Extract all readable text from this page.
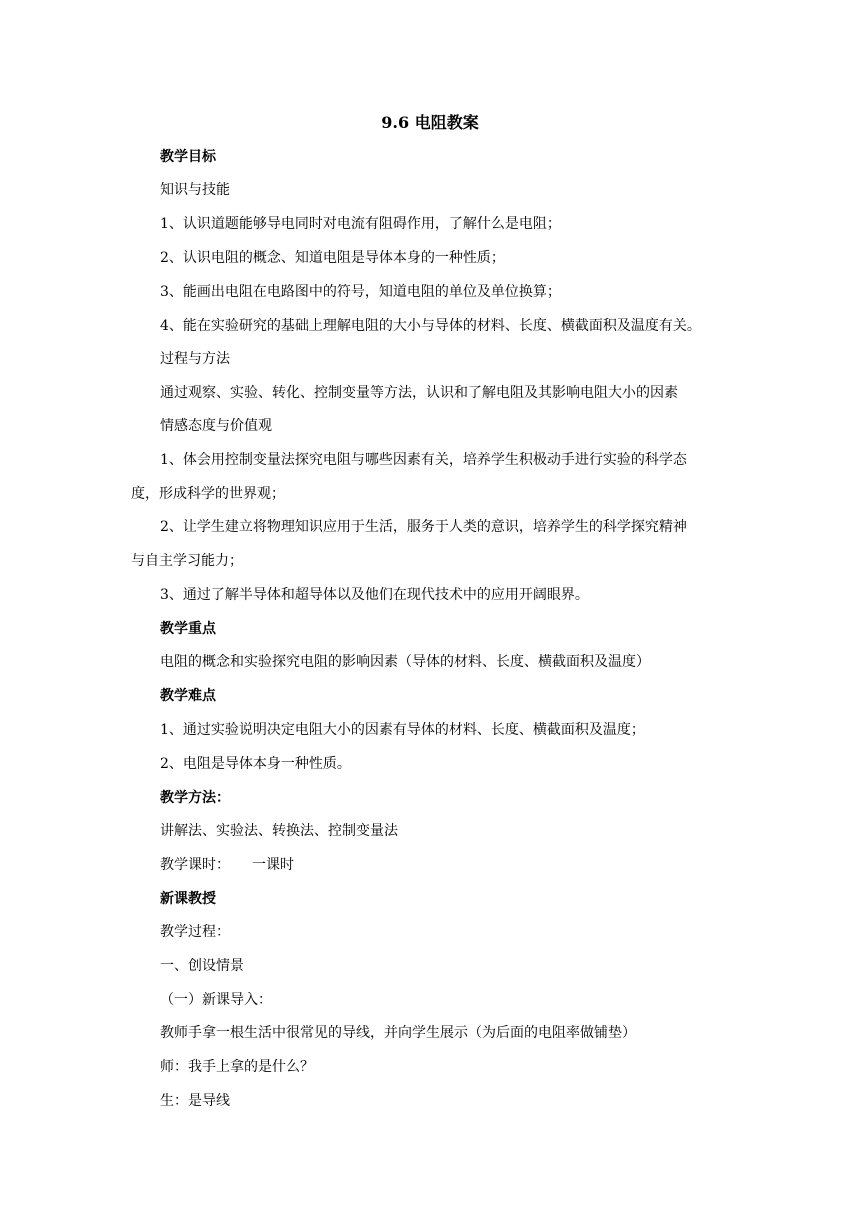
9.6 电阻教案
教学目标
知识与技能
1、认识道题能够导电同时对电流有阻碍作用，了解什么是电阻；
2、认识电阻的概念、知道电阻是导体本身的一种性质；
3、能画出电阻在电路图中的符号，知道电阻的单位及单位换算；
4、能在实验研究的基础上理解电阻的大小与导体的材料、长度、横截面积及温度有关。
过程与方法
通过观察、实验、转化、控制变量等方法，认识和了解电阻及其影响电阻大小的因素
情感态度与价值观
1、体会用控制变量法探究电阻与哪些因素有关，培养学生积极动手进行实验的科学态
度，形成科学的世界观；
2、让学生建立将物理知识应用于生活，服务于人类的意识，培养学生的科学探究精神
与自主学习能力；
3、通过了解半导体和超导体以及他们在现代技术中的应用开阔眼界。
教学重点
电阻的概念和实验探究电阻的影响因素（导体的材料、长度、横截面积及温度）
教学难点
1、通过实验说明决定电阻大小的因素有导体的材料、长度、横截面积及温度；
2、电阻是导体本身一种性质。
教学方法：
讲解法、实验法、转换法、控制变量法
教学课时： 一课时
新课教授
教学过程：
一、创设情景
（一）新课导入：
教师手拿一根生活中很常见的导线，并向学生展示（为后面的电阻率做铺垫）
师：我手上拿的是什么？
生：是导线
